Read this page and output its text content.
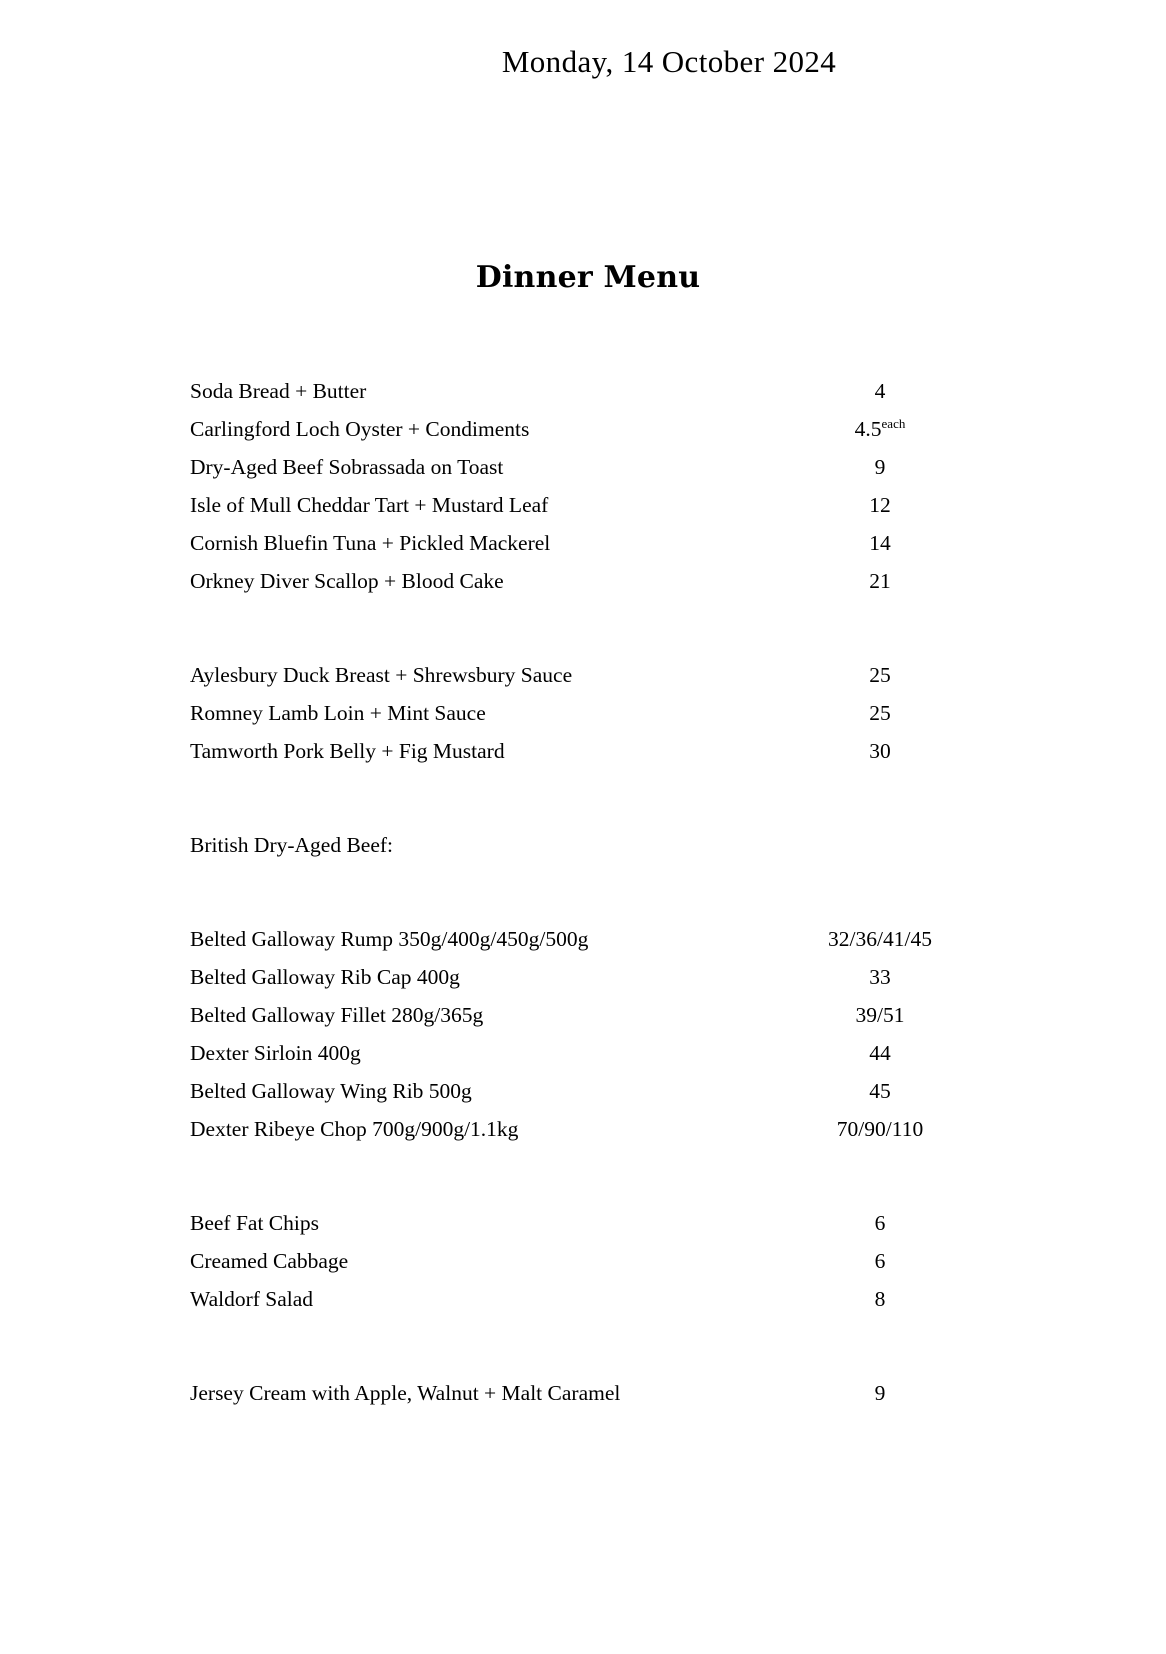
Monday, 14 October 2024
Dinner Menu
Soda Bread + Butter	4
Carlingford Loch Oyster + Condiments	$4.5^{each}$
Dry-Aged Beef Sobrassada on Toast	9
Isle of Mull Cheddar Tart + Mustard Leaf	12
Cornish Bluefin Tuna + Pickled Mackerel	14
Orkney Diver Scallop + Blood Cake	21
Aylesbury Duck Breast + Shrewsbury Sauce	25
Romney Lamb Loin + Mint Sauce	25
Tamworth Pork Belly + Fig Mustard	30
British Dry-Aged Beef:
Belted Galloway Rump 350g/400g/450g/500g	32/36/41/45
Belted Galloway Rib Cap 400g	33
Belted Galloway Fillet 280g/365g	39/51
Dexter Sirloin 400g	44
Belted Galloway Wing Rib 500g	45
Dexter Ribeye Chop 700g/900g/1.1kg	70/90/110
Beef Fat Chips	6
Creamed Cabbage	6
Waldorf Salad	8
Jersey Cream with Apple, Walnut + Malt Caramel	9
